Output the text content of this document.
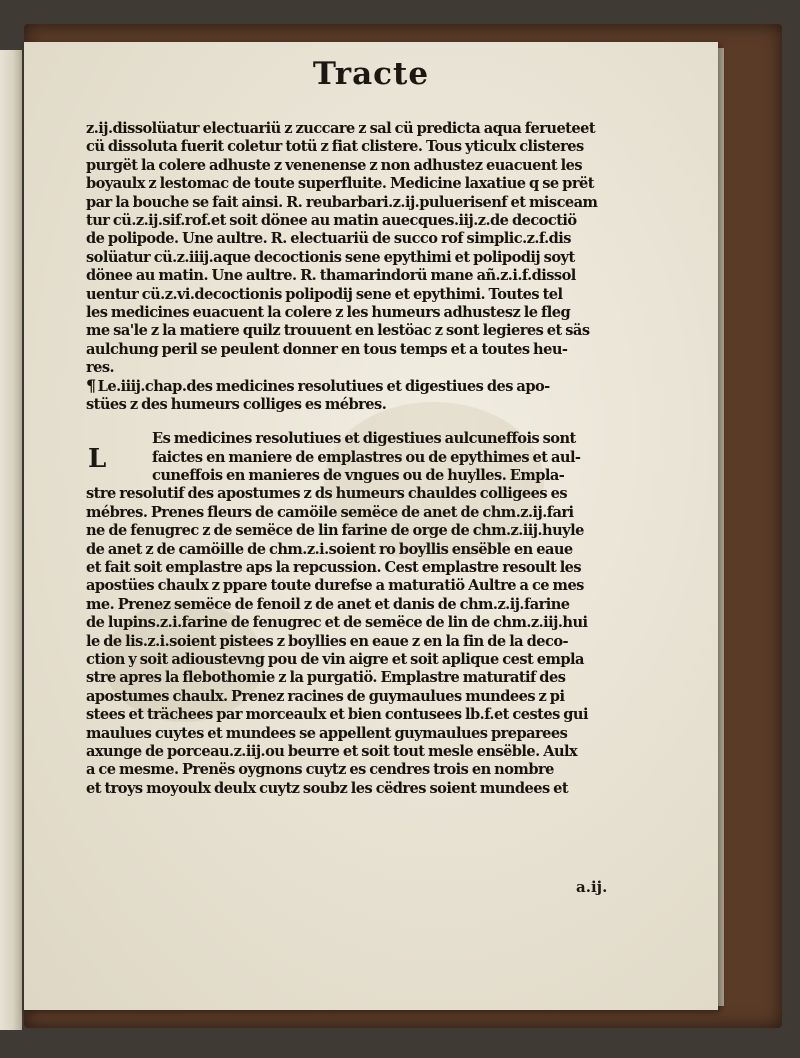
Tracte
z.ij.dissolüatur electuariü z zuccare z sal cü predicta aqua ferueteet
cü dissoluta fuerit coletur totü z fiat clistere. Tous yticulx clisteres
purgët la colere adhuste z venenense z non adhustez euacuent les
boyaulx z lestomac de toute superfluite. Medicine laxatiue q se prët
par la bouche se fait ainsi. R. reubarbari.z.ij.puluerisenf et misceam
tur cü.z.ij.sif.rof.et soit dönee au matin auecques.iij.z.de decoctiö
de polipode. Une aultre. R. electuariü de succo rof simplic.z.f.dis
solüatur cü.z.iiij.aque decoctionis sene epythimi et polipodij soyt
dönee au matin. Une aultre. R. thamarindorü mane añ.z.i.f.dissol
uentur cü.z.vi.decoctionis polipodij sene et epythimi. Toutes tel
les medicines euacuent la colere z les humeurs adhustesz le fleg
me sa'le z la matiere quilz trouuent en lestöac z sont legieres et säs
aulchung peril se peulent donner en tous temps et a toutes heu-
res.
¶ Le.iiij.chap.des medicines resolutiues et digestiues des apo-
stües z des humeurs colliges es mébres.
L
Es medicines resolutiues et digestiues aulcuneffois sont
faictes en maniere de emplastres ou de epythimes et aul-
cuneffois en manieres de vngues ou de huylles. Empla-
stre resolutif des apostumes z ds humeurs chauldes colligees es
mébres. Prenes fleurs de camöile semëce de anet de chm.z.ij.fari
ne de fenugrec z de semëce de lin farine de orge de chm.z.iij.huyle
de anet z de camöille de chm.z.i.soient ro boyllis ensëble en eaue
et fait soit emplastre aps la repcussion. Cest emplastre resoult les
apostües chaulx z ppare toute durefse a maturatiö Aultre a ce mes
me. Prenez semëce de fenoil z de anet et danis de chm.z.ij.farine
de lupins.z.i.farine de fenugrec et de semëce de lin de chm.z.iij.hui
le de lis.z.i.soient pistees z boyllies en eaue z en la fin de la deco-
ction y soit adioustevng pou de vin aigre et soit aplique cest empla
stre apres la flebothomie z la purgatiö. Emplastre maturatif des
apostumes chaulx. Prenez racines de guymaulues mundees z pi
stees et trächees par morceaulx et bien contusees lb.f.et cestes gui
maulues cuytes et mundees se appellent guymaulues preparees
axunge de porceau.z.iij.ou beurre et soit tout mesle ensëble. Aulx
a ce mesme. Prenës oygnons cuytz es cendres trois en nombre
et troys moyoulx deulx cuytz soubz les cëdres soient mundees et
a.ij.
